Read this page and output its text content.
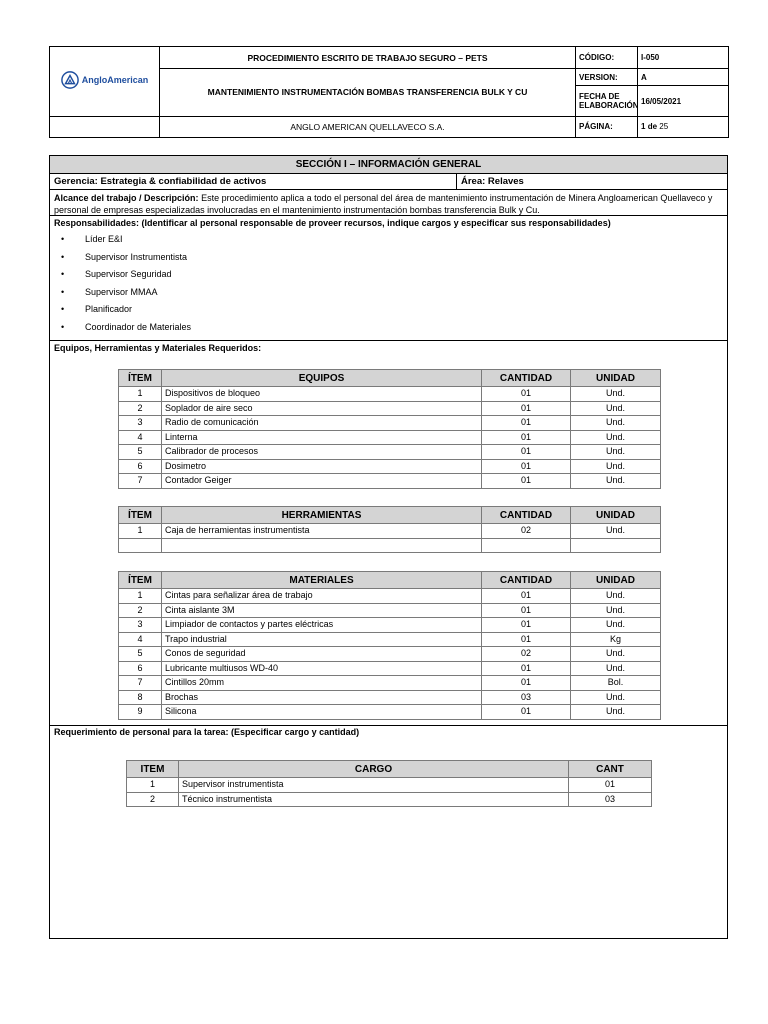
AngloAmerican	PROCEDIMIENTO ESCRITO DE TRABAJO SEGURO – PETS	CÓDIGO:	I-050
	MANTENIMIENTO INSTRUMENTACIÓN BOMBAS TRANSFERENCIA BULK Y CU	VERSION:	A
		FECHA DE ELABORACIÓN	16/05/2021
	ANGLO AMERICAN QUELLAVECO S.A.	PÁGINA:	1 de 25
SECCIÓN I – INFORMACIÓN GENERAL
Gerencia: Estrategia & confiabilidad de activos	Área: Relaves
Alcance del trabajo / Descripción: Este procedimiento aplica a todo el personal del área de mantenimiento instrumentación de Minera Angloamerican Quellaveco y personal de empresas especializadas involucradas en el mantenimiento instrumentación bombas transferencia Bulk y Cu.
Responsabilidades: (Identificar al personal responsable de proveer recursos, indique cargos y especificar sus responsabilidades)
• Líder E&I
• Supervisor Instrumentista
• Supervisor Seguridad
• Supervisor MMAA
• Planificador
• Coordinador de Materiales
Equipos, Herramientas y Materiales Requeridos:
ÍTEM	EQUIPOS	CANTIDAD	UNIDAD
1	Dispositivos de bloqueo	01	Und.
2	Soplador de aire seco	01	Und.
3	Radio de comunicación	01	Und.
4	Linterna	01	Und.
5	Calibrador de procesos	01	Und.
6	Dosimetro	01	Und.
7	Contador Geiger	01	Und.
ÍTEM	HERRAMIENTAS	CANTIDAD	UNIDAD
1	Caja de herramientas instrumentista	02	Und.

ÍTEM	MATERIALES	CANTIDAD	UNIDAD
1	Cintas para señalizar área de trabajo	01	Und.
2	Cinta aislante 3M	01	Und.
3	Limpiador de contactos y partes eléctricas	01	Und.
4	Trapo industrial	01	Kg
5	Conos de seguridad	02	Und.
6	Lubricante multiusos WD-40	01	Und.
7	Cintillos 20mm	01	Bol.
8	Brochas	03	Und.
9	Silicona	01	Und.
Requerimiento de personal para la tarea: (Especificar cargo y cantidad)
ITEM	CARGO	CANT
1	Supervisor instrumentista	01
2	Técnico instrumentista	03
